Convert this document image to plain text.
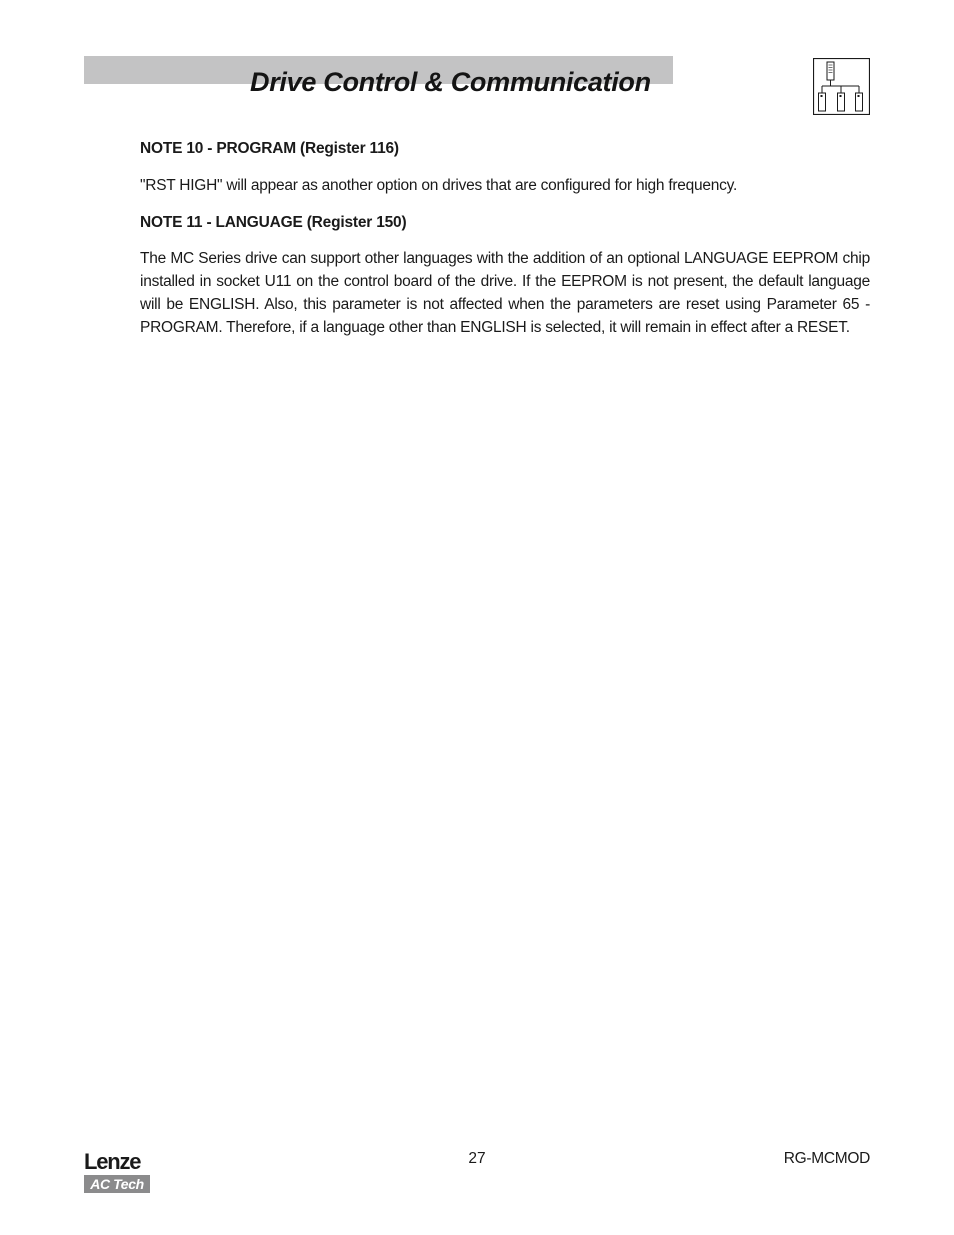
Drive Control & Communication

NOTE 10 - PROGRAM (Register 116)

"RST HIGH" will appear as another option on drives that are configured for high frequency.

NOTE 11 - LANGUAGE (Register 150)

The MC Series drive can support other languages with the addition of an optional LANGUAGE EEPROM chip installed in socket U11 on the control board of the drive. If the EEPROM is not present, the default language will be ENGLISH. Also, this parameter is not affected when the parameters are reset using Parameter 65 - PROGRAM. Therefore, if a language other than ENGLISH is selected, it will remain in effect after a RESET.

Lenze
AC Tech
27	RG-MCMOD
